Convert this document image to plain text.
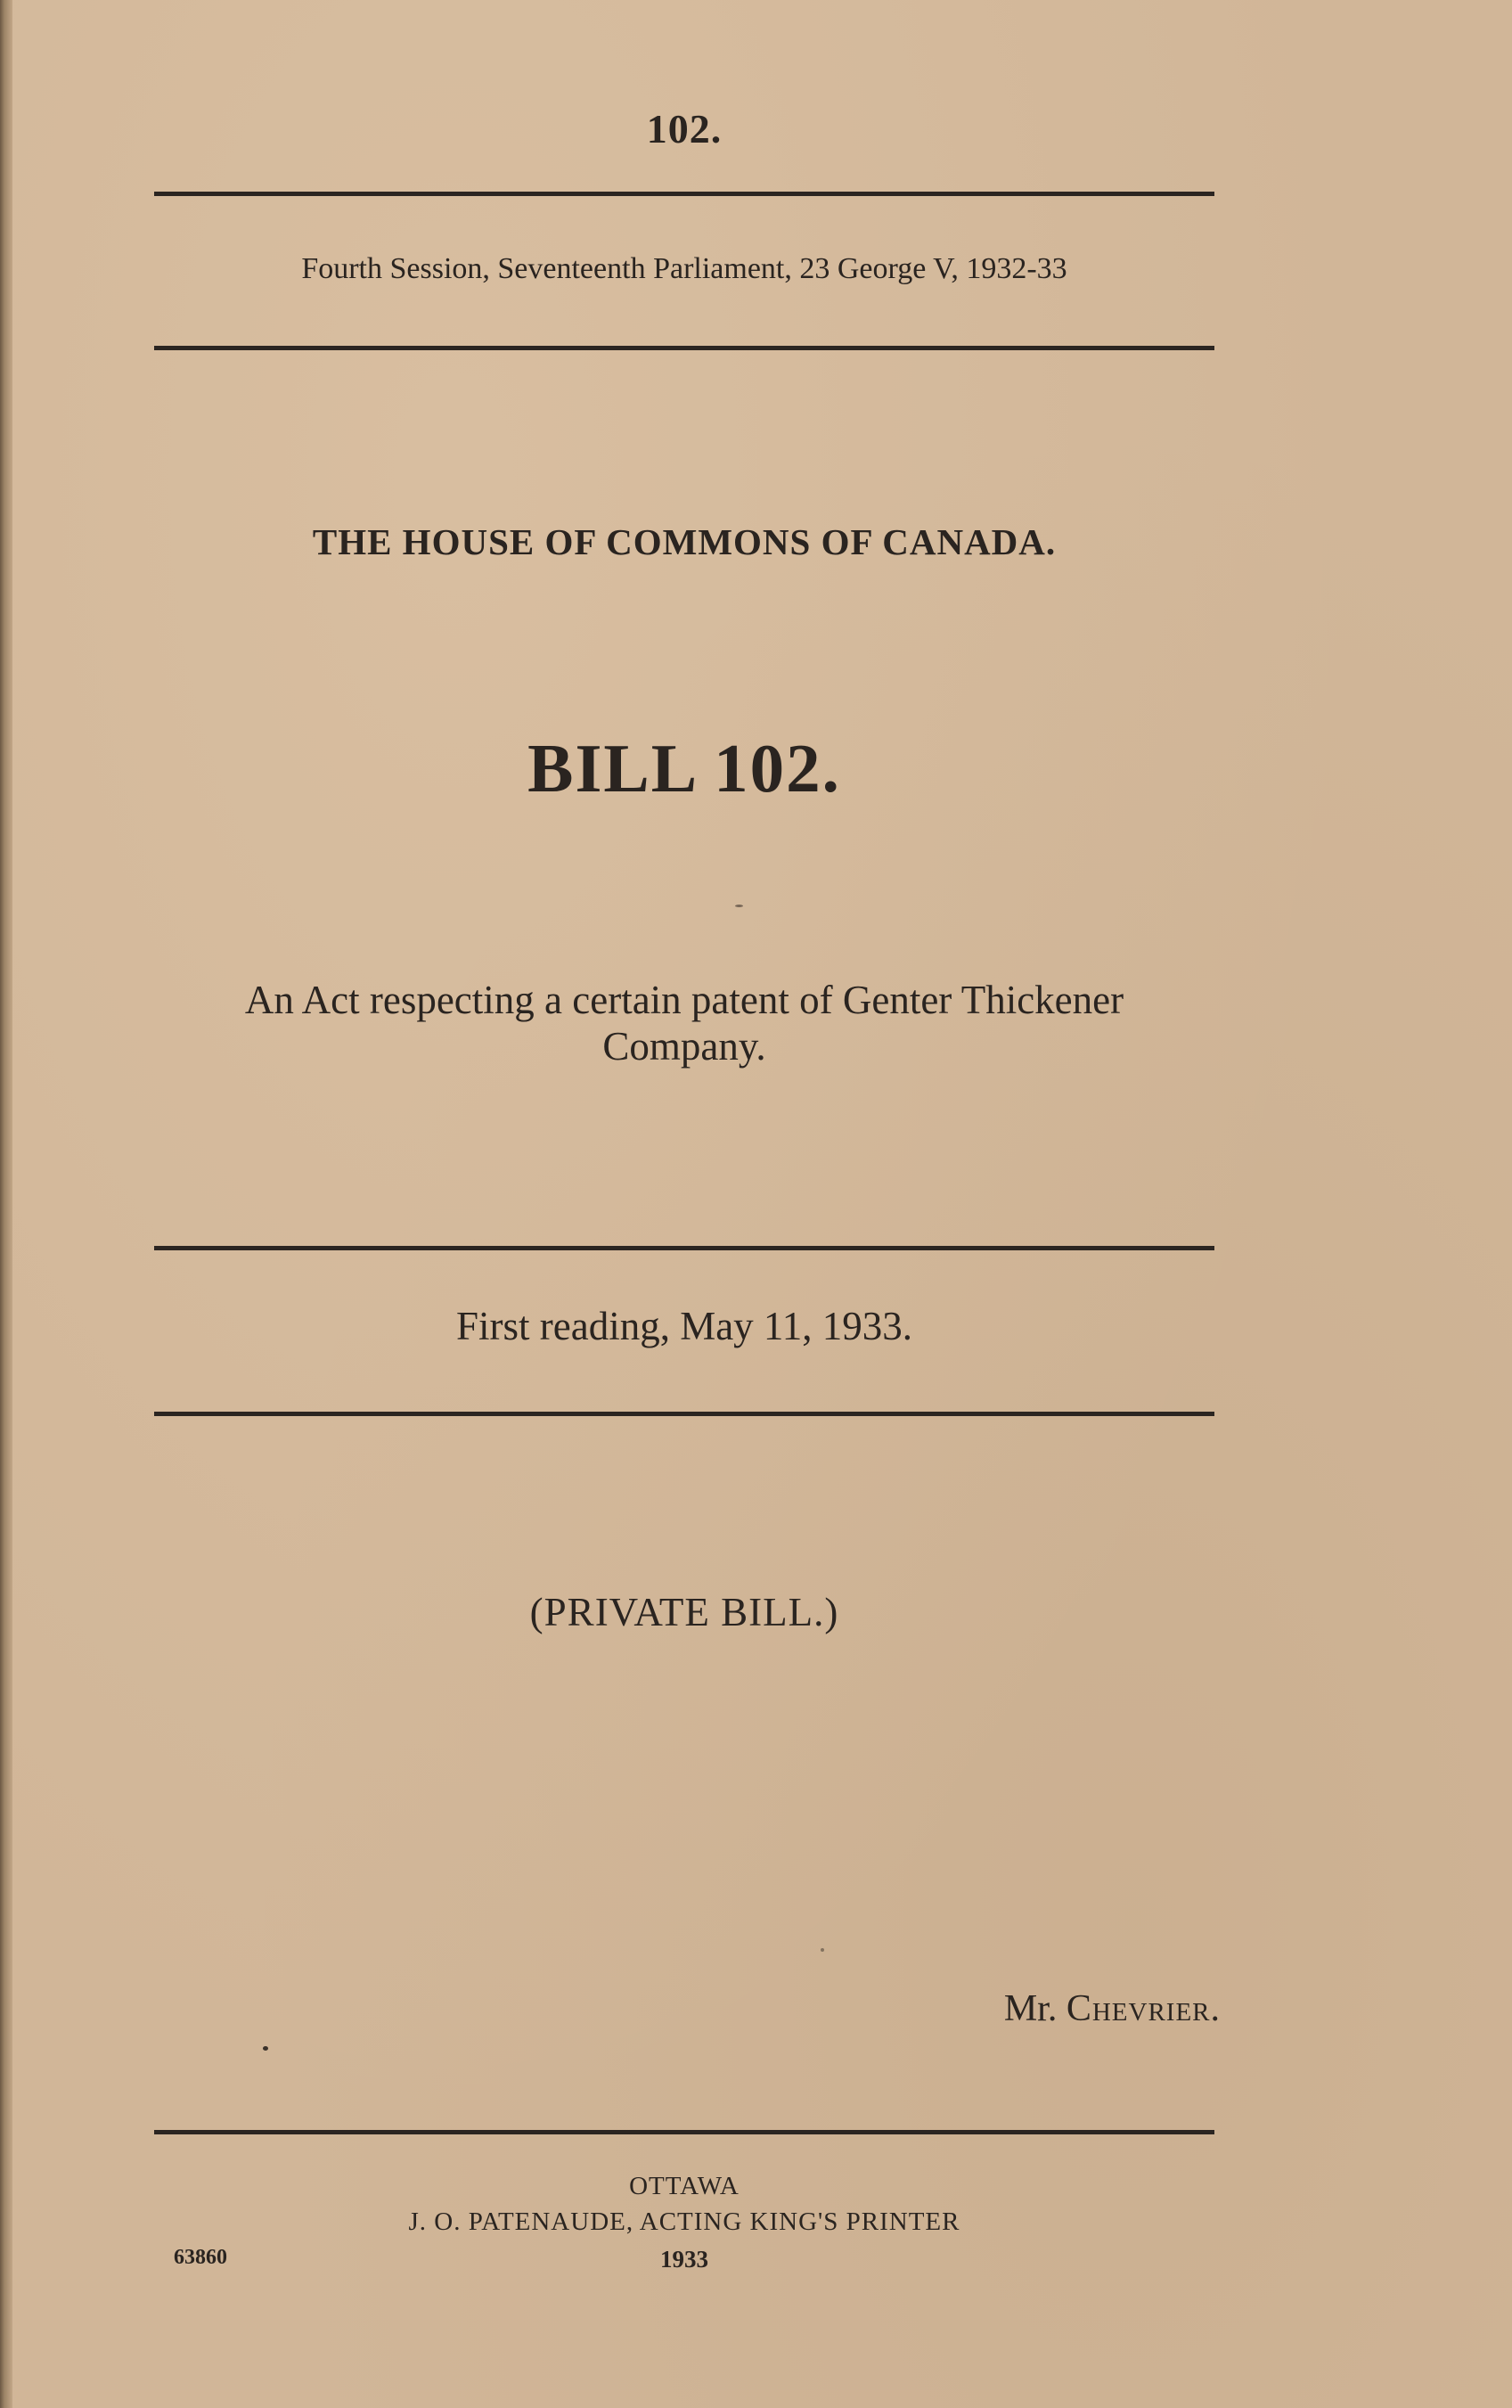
102.
Fourth Session, Seventeenth Parliament, 23 George V, 1932-33
THE HOUSE OF COMMONS OF CANADA.
BILL 102.
An Act respecting a certain patent of Genter Thickener Company.
First reading, May 11, 1933.
(PRIVATE BILL.)
Mr. Chevrier.
OTTAWA
J. O. PATENAUDE, ACTING KING'S PRINTER
1933
63860
